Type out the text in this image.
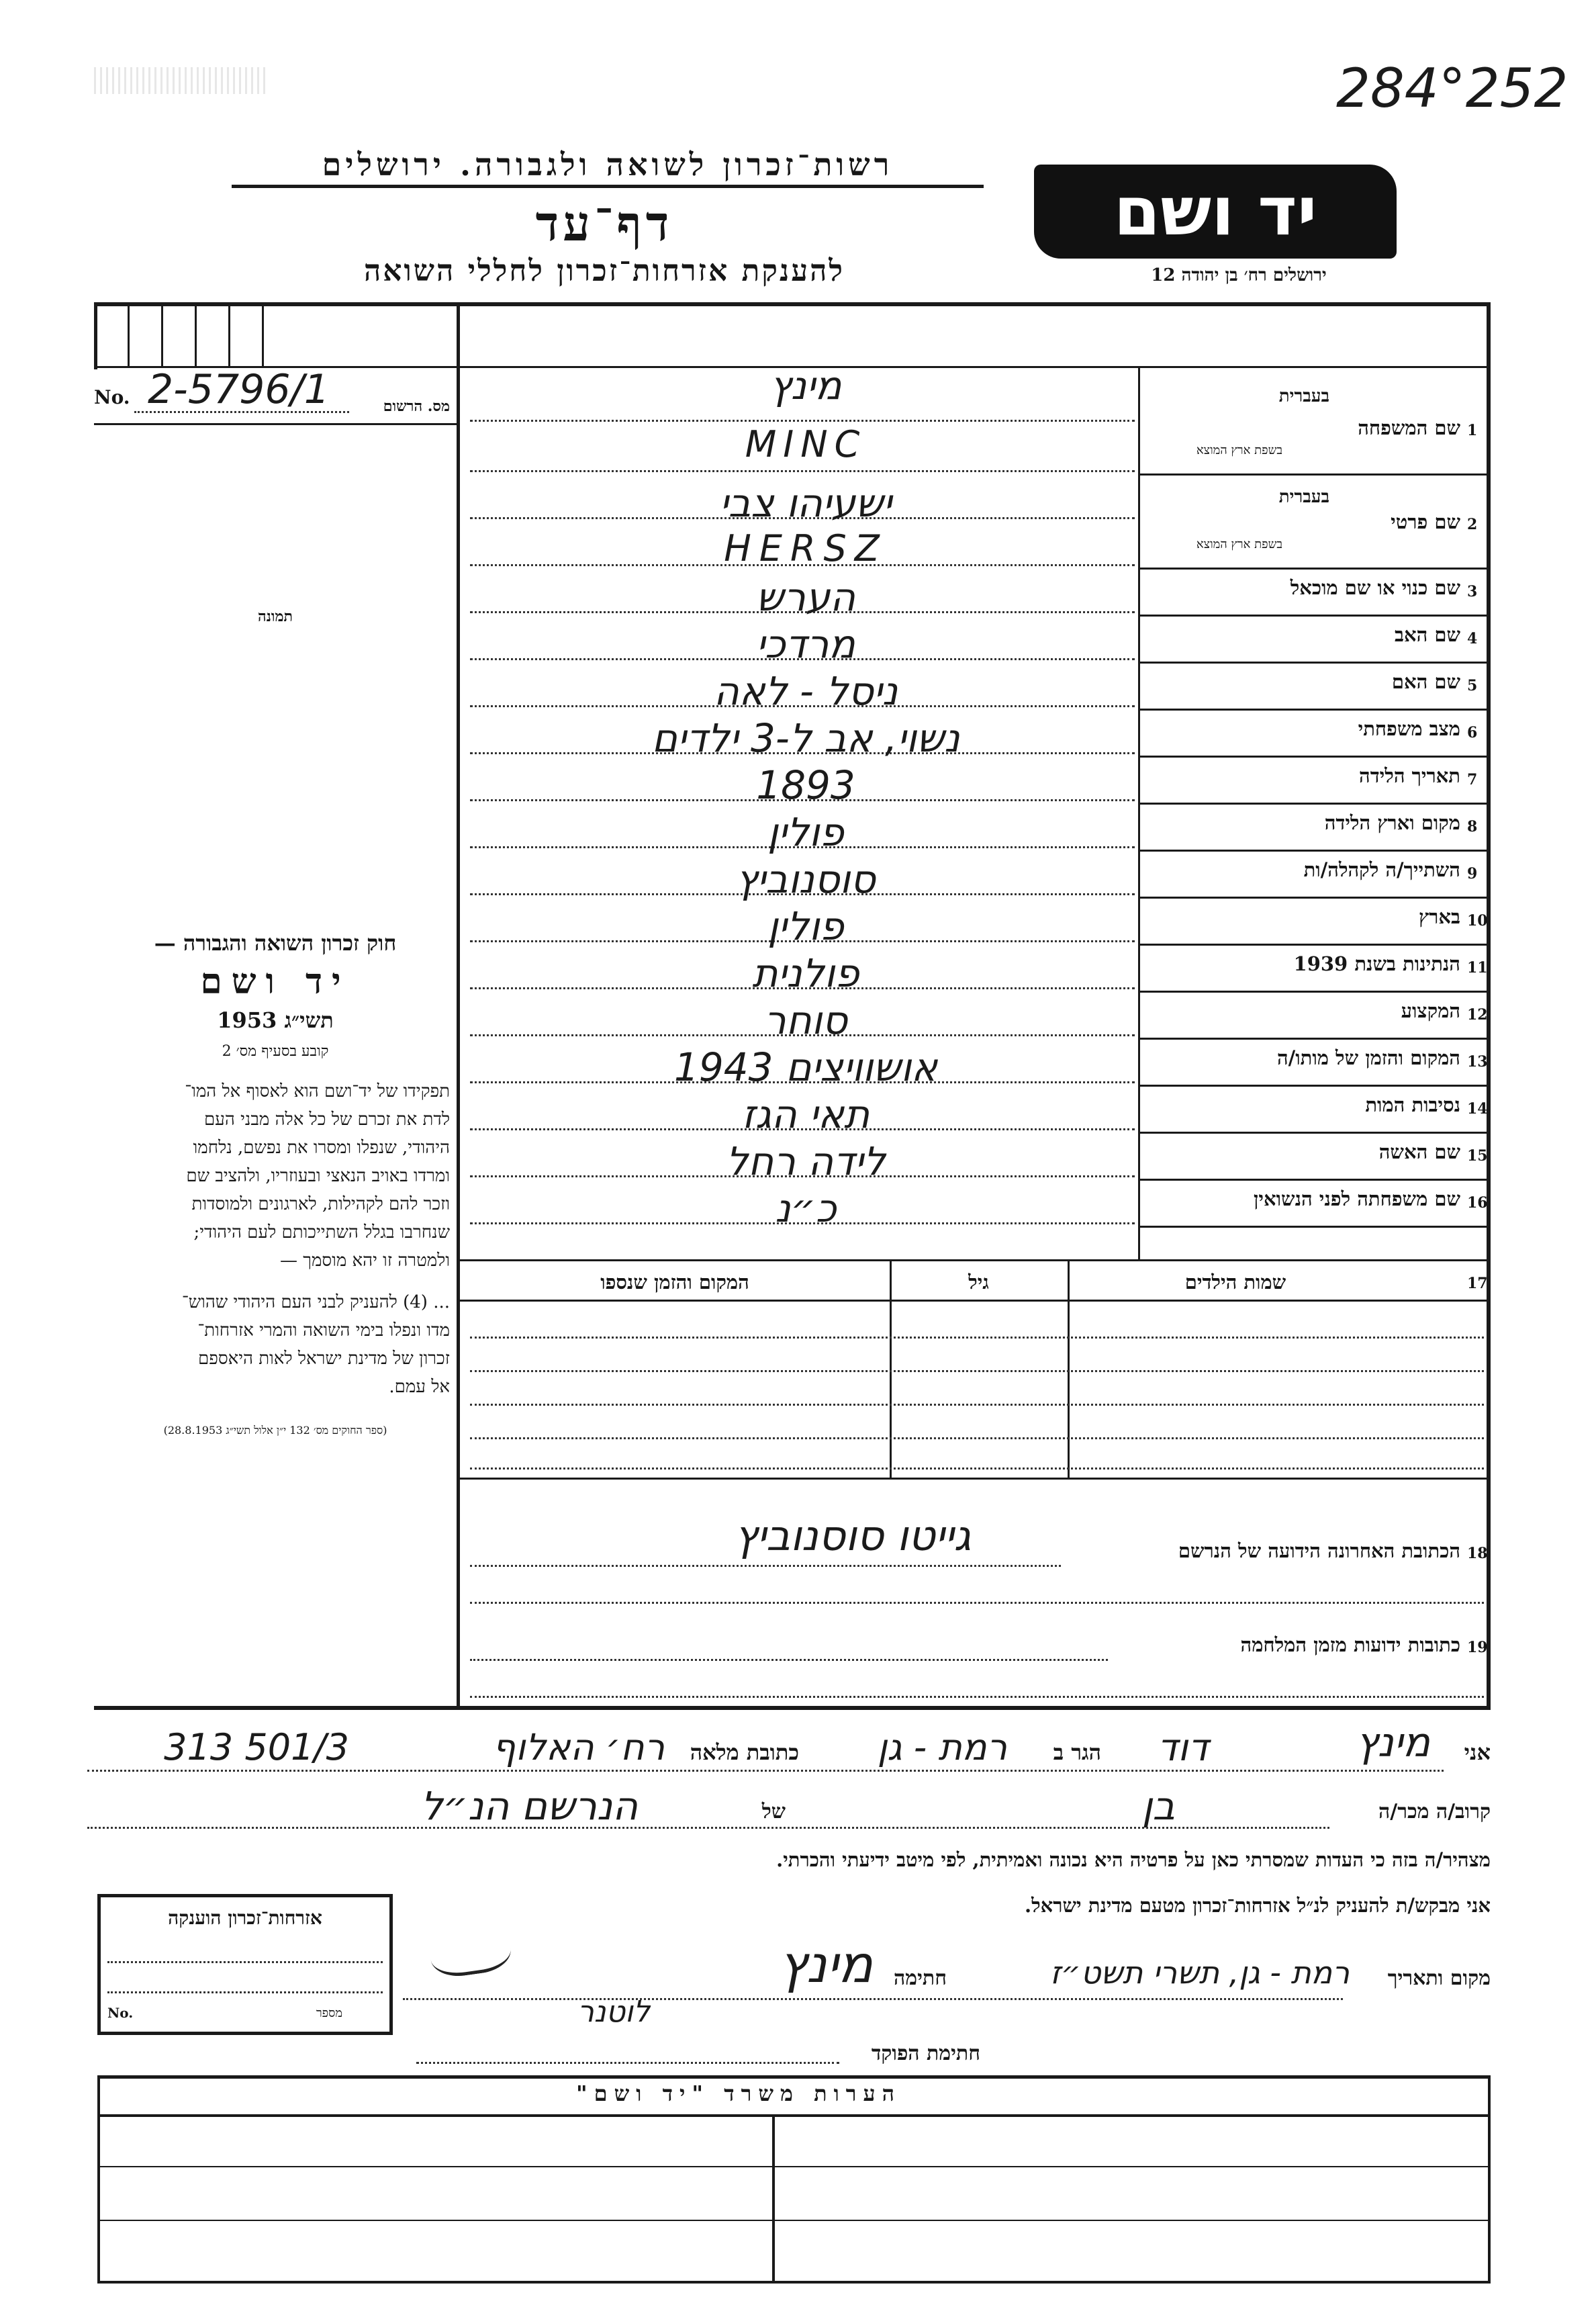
284°252
רשות־זכרון לשואה ולגבורה. ירושלים
דף־עד
להענקת אזרחות־זכרון לחללי השואה
יד ושם
ירושלים רח׳ בן יהודה 12
No. 2-5796/1	מס. הרשום
תמונה
חוק זכרון השואה והגבורה —
יד ושם
תשי״ג 1953
קובע בסעיף מס׳ 2

תפקידו של יד־ושם הוא לאסוף אל המו־

לדת את זכרם של כל אלה מבני העם

היהודי, שנפלו ומסרו את נפשם, נלחמו

ומרדו באויב הנאצי ובעוזריו, ולהציב שם

וזכר להם לקהילות, לארגונים ולמוסדות

שנחרבו בגלל השתייכותם לעם היהודי;

ולמטרה זו יהא מוסמך —

... (4) להעניק לבני העם היהודי שהוש־

מדו ונפלו בימי השואה והמרי אזרחות־

זכרון של מדינת ישראל לאות היאספם

אל עמם.

(ספר החוקים מס׳ 132 י״ן אלול תשי״ג 28.8.1953)
1
שם המשפחה
בעברית
בשפת ארץ המוצא
מינץ
MINC
2
שם פרטי
בעברית
בשפת ארץ המוצא
ישעיהו צבי
HERSZ
3
שם כנוי או שם מוכאל
הערש
4
שם האב
מרדכי
5
שם האם
ניסל - לאה
6
מצב משפחתי
נשוי, אב ל-3 ילדים
7
תאריך הלידה
1893
8
מקום וארץ הלידה
פולין
9
השתייך/ה לקהלה/ות
סוסנוביץ
10
בארץ
פולין
11
הנתינות בשנת 1939
פולנית
12
המקצוע
סוחר
13
המקום והזמן של מותו/ה
אושוויצים 1943
14
נסיבות המות
תאי הגז
15
שם האשה
לידה רחל
16
שם משפחתה לפני הנשואין
כ״נ
17
שמות הילדים
גיל
המקום והזמן שנספו
18
הכתובת האחרונה הידועה של הנרשם
גייטו סוסנוביץ
19
כתובות ידועות מזמן המלחמה
אני
מינץ
דוד
הגר ב
רמת - גן
כתובת מלאה
רח׳ האלוף
501/3 313
קרוב/ה מכר/ה
בן
של
הנרשם הנ״ל
מצהיר/ה בזה כי העדות שמסרתי כאן על פרטיה היא נכונה ואמיתית, לפי מיטב ידיעתי והכרתי.
אני מבקש/ת להעניק לנ״ל אזרחות־זכרון מטעם מדינת ישראל.
מקום ותאריך
רמת - גן, תשרי תשט״ז
חתימה
מינץ
לוטנר
חתימת הפוקד
אזרחות־זכרון הוענקה
No.	מספר
הערות משרד "יד ושם"
